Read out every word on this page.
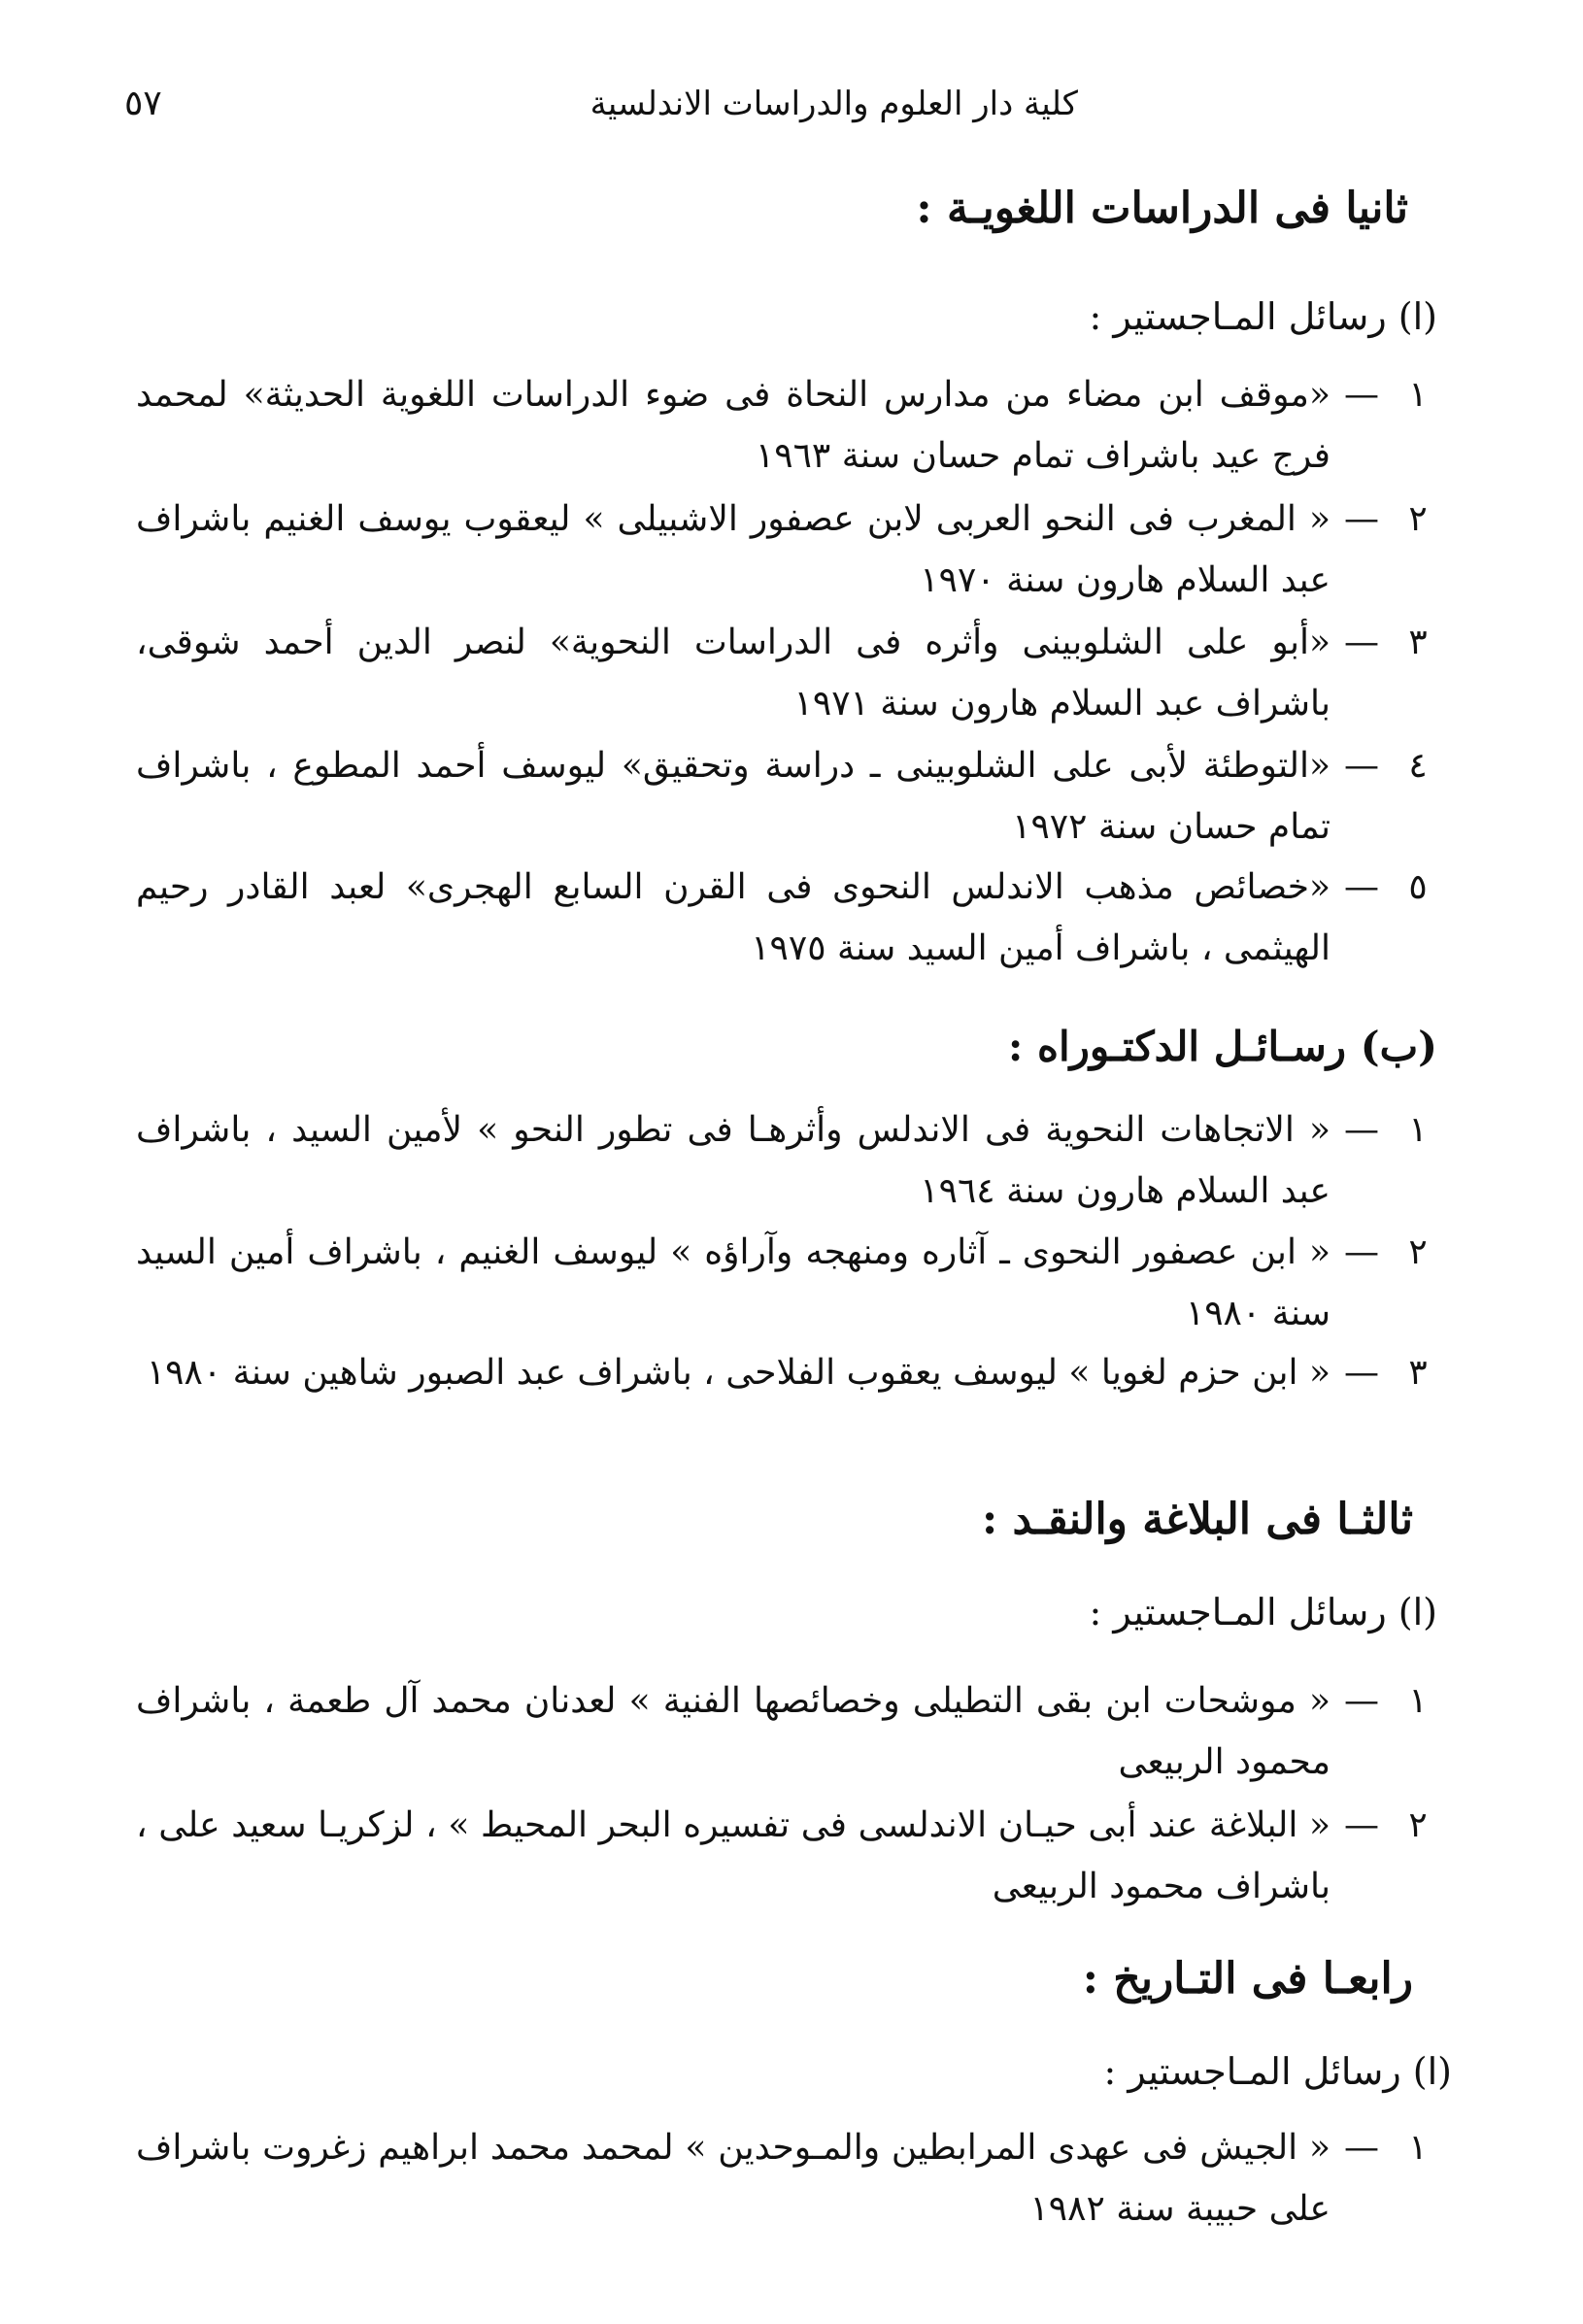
كلية دار العلوم والدراسات الاندلسية
٥٧
ثانيا فى الدراسات اللغويـة :
(ا) رسائل المـاجستير :
١
—
«موقف ابن مضاء من مدارس النحاة فى ضوء الدراسات اللغوية الحديثة» لمحمد فرج عيد باشراف تمام حسان سنة ١٩٦٣
٢
—
« المغرب فى النحو العربى لابن عصفور الاشبيلى » ليعقوب يوسف الغنيم باشراف عبد السلام هارون سنة ١٩٧٠
٣
—
«أبو على الشلوبينى وأثره فى الدراسات النحوية» لنصر الدين أحمد شوقى، باشراف عبد السلام هارون سنة ١٩٧١
٤
—
«التوطئة لأبى على الشلوبينى ـ دراسة وتحقيق» ليوسف أحمد المطوع ، باشراف تمام حسان سنة ١٩٧٢
٥
—
«خصائص مذهب الاندلس النحوى فى القرن السابع الهجرى» لعبد القادر رحيم الهيثمى ، باشراف أمين السيد سنة ١٩٧٥
(ب) رسـائـل الدكتـوراه :
١
—
« الاتجاهات النحوية فى الاندلس وأثرهـا فى تطور النحو » لأمين السيد ، باشراف عبد السلام هارون سنة ١٩٦٤
٢
—
« ابن عصفور النحوى ـ آثاره ومنهجه وآراؤه » ليوسف الغنيم ، باشراف أمين السيد سنة ١٩٨٠
٣
—
« ابن حزم لغويا » ليوسف يعقوب الفلاحى ، باشراف عبد الصبور شاهين سنة ١٩٨٠
ثالثـا فى البلاغة والنقـد :
(ا) رسائل المـاجستير :
١
—
« موشحات ابن بقى التطيلى وخصائصها الفنية » لعدنان محمد آل طعمة ، باشراف محمود الربيعى
٢
—
« البلاغة عند أبى حيـان الاندلسى فى تفسيره البحر المحيط » ، لزكريـا سعيد على ، باشراف محمود الربيعى
رابعـا فى التـاريخ :
(ا) رسائل المـاجستير :
١
—
« الجيش فى عهدى المرابطين والمـوحدين » لمحمد محمد ابراهيم زغروت باشراف على حبيبة سنة ١٩٨٢
